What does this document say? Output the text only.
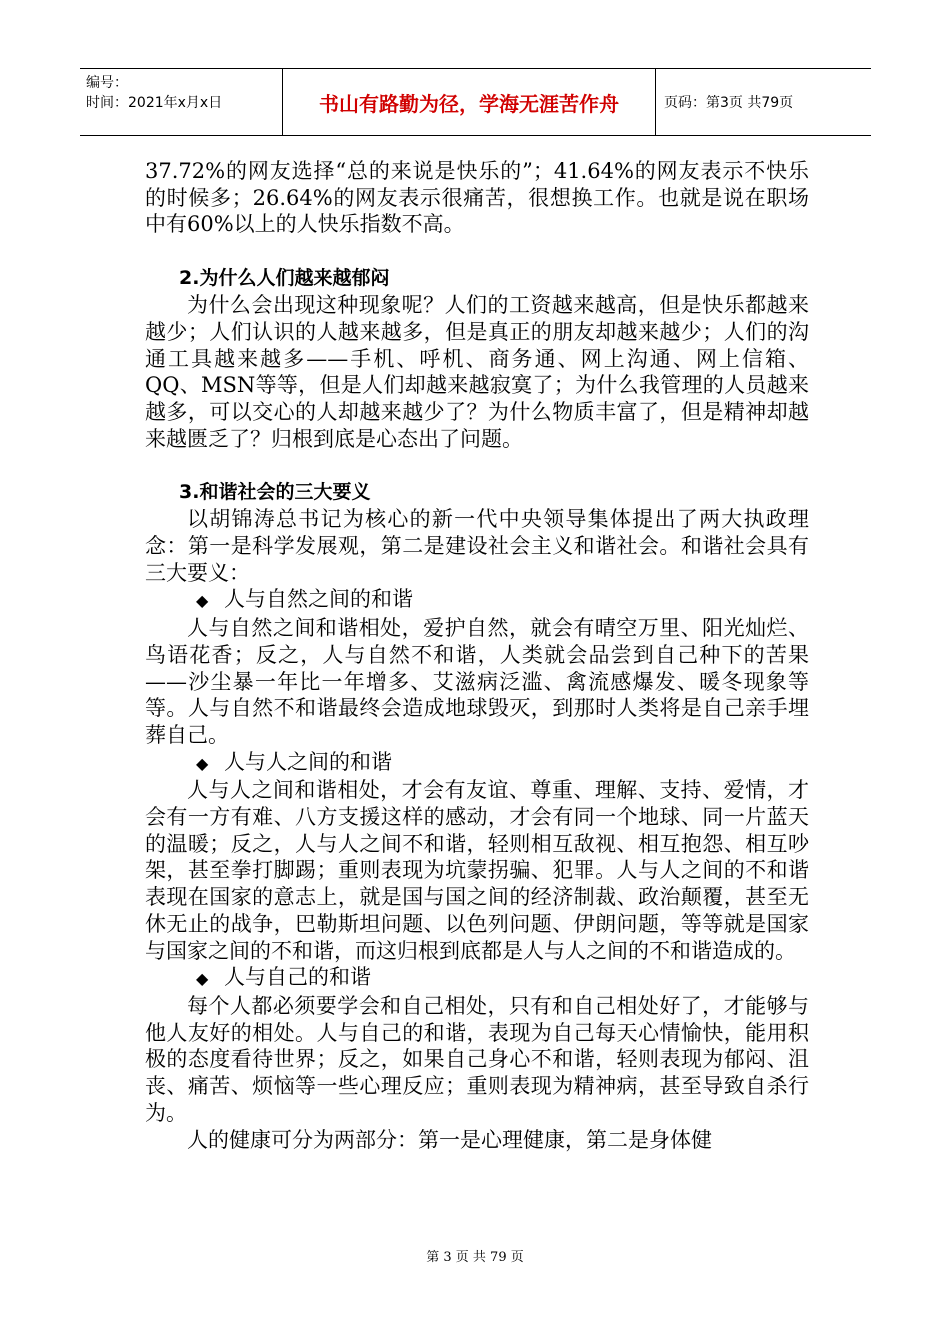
编号：
时间：2021年x月x日	书山有路勤为径，学海无涯苦作舟	页码：第3页 共79页

37.72%的网友选择“总的来说是快乐的”；41.64%的网友表示不快乐的时候多；26.64%的网友表示很痛苦，很想换工作。也就是说在职场中有60%以上的人快乐指数不高。

2.为什么人们越来越郁闷

为什么会出现这种现象呢？人们的工资越来越高，但是快乐都越来越少；人们认识的人越来越多，但是真正的朋友却越来越少；人们的沟通工具越来越多——手机、呼机、商务通、网上沟通、网上信箱、QQ、MSN等等，但是人们却越来越寂寞了；为什么我管理的人员越来越多，可以交心的人却越来越少了？为什么物质丰富了，但是精神却越来越匮乏了？归根到底是心态出了问题。

3.和谐社会的三大要义

以胡锦涛总书记为核心的新一代中央领导集体提出了两大执政理念：第一是科学发展观，第二是建设社会主义和谐社会。和谐社会具有三大要义：

◆ 人与自然之间的和谐

人与自然之间和谐相处，爱护自然，就会有晴空万里、阳光灿烂、鸟语花香；反之，人与自然不和谐，人类就会品尝到自己种下的苦果——沙尘暴一年比一年增多、艾滋病泛滥、禽流感爆发、暖冬现象等等。人与自然不和谐最终会造成地球毁灭，到那时人类将是自己亲手埋葬自己。

◆ 人与人之间的和谐

人与人之间和谐相处，才会有友谊、尊重、理解、支持、爱情，才会有一方有难、八方支援这样的感动，才会有同一个地球、同一片蓝天的温暖；反之，人与人之间不和谐，轻则相互敌视、相互抱怨、相互吵架，甚至拳打脚踢；重则表现为坑蒙拐骗、犯罪。人与人之间的不和谐表现在国家的意志上，就是国与国之间的经济制裁、政治颠覆，甚至无休无止的战争，巴勒斯坦问题、以色列问题、伊朗问题，等等就是国家与国家之间的不和谐，而这归根到底都是人与人之间的不和谐造成的。

◆ 人与自己的和谐

每个人都必须要学会和自己相处，只有和自己相处好了，才能够与他人友好的相处。人与自己的和谐，表现为自己每天心情愉快，能用积极的态度看待世界；反之，如果自己身心不和谐，轻则表现为郁闷、沮丧、痛苦、烦恼等一些心理反应；重则表现为精神病，甚至导致自杀行为。

人的健康可分为两部分：第一是心理健康，第二是身体健

第 3 页 共 79 页
